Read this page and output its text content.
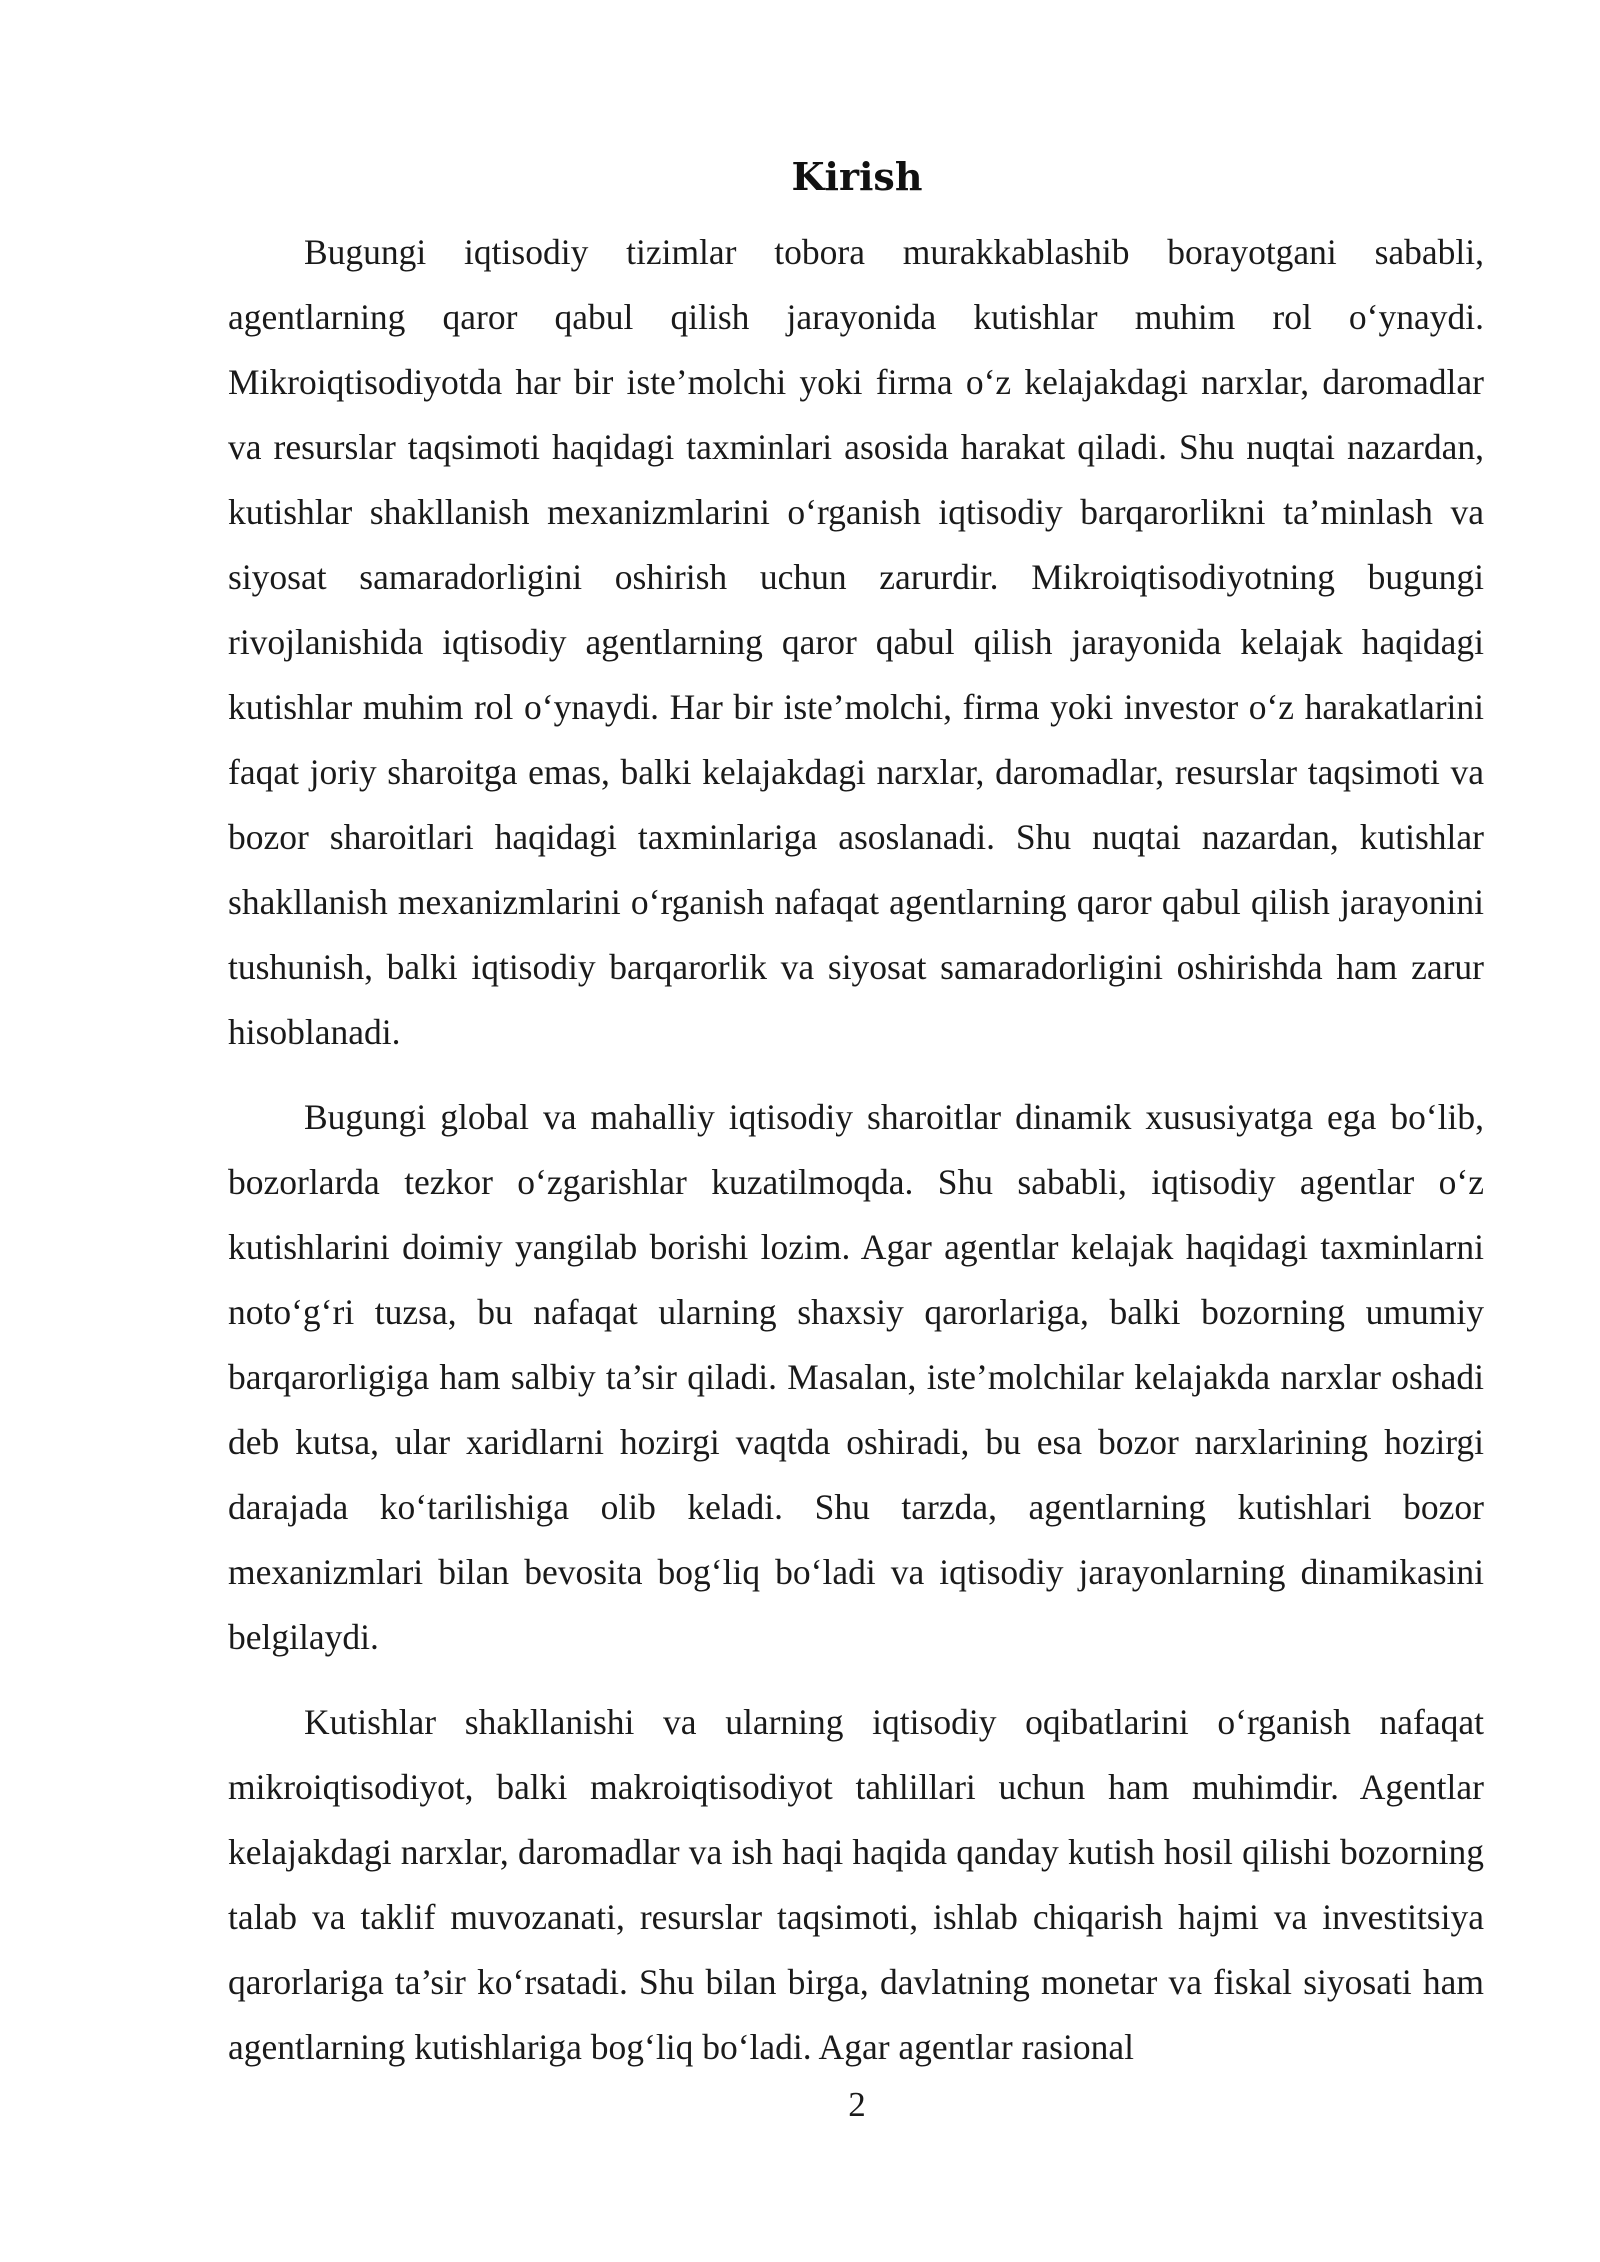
Kirish

Bugungi iqtisodiy tizimlar tobora murakkablashib borayotgani sababli, agentlarning qaror qabul qilish jarayonida kutishlar muhim rol o‘ynaydi. Mikroiqtisodiyotda har bir iste’molchi yoki firma o‘z kelajakdagi narxlar, daromadlar va resurslar taqsimoti haqidagi taxminlari asosida harakat qiladi. Shu nuqtai nazardan, kutishlar shakllanish mexanizmlarini o‘rganish iqtisodiy barqarorlikni ta’minlash va siyosat samaradorligini oshirish uchun zarurdir. Mikroiqtisodiyotning bugungi rivojlanishida iqtisodiy agentlarning qaror qabul qilish jarayonida kelajak haqidagi kutishlar muhim rol o‘ynaydi. Har bir iste’molchi, firma yoki investor o‘z harakatlarini faqat joriy sharoitga emas, balki kelajakdagi narxlar, daromadlar, resurslar taqsimoti va bozor sharoitlari haqidagi taxminlariga asoslanadi. Shu nuqtai nazardan, kutishlar shakllanish mexanizmlarini o‘rganish nafaqat agentlarning qaror qabul qilish jarayonini tushunish, balki iqtisodiy barqarorlik va siyosat samaradorligini oshirishda ham zarur hisoblanadi.

Bugungi global va mahalliy iqtisodiy sharoitlar dinamik xususiyatga ega bo‘lib, bozorlarda tezkor o‘zgarishlar kuzatilmoqda. Shu sababli, iqtisodiy agentlar o‘z kutishlarini doimiy yangilab borishi lozim. Agar agentlar kelajak haqidagi taxminlarni noto‘g‘ri tuzsa, bu nafaqat ularning shaxsiy qarorlariga, balki bozorning umumiy barqarorligiga ham salbiy ta’sir qiladi. Masalan, iste’molchilar kelajakda narxlar oshadi deb kutsa, ular xaridlarni hozirgi vaqtda oshiradi, bu esa bozor narxlarining hozirgi darajada ko‘tarilishiga olib keladi. Shu tarzda, agentlarning kutishlari bozor mexanizmlari bilan bevosita bog‘liq bo‘ladi va iqtisodiy jarayonlarning dinamikasini belgilaydi.

Kutishlar shakllanishi va ularning iqtisodiy oqibatlarini o‘rganish nafaqat mikroiqtisodiyot, balki makroiqtisodiyot tahlillari uchun ham muhimdir. Agentlar kelajakdagi narxlar, daromadlar va ish haqi haqida qanday kutish hosil qilishi bozorning talab va taklif muvozanati, resurslar taqsimoti, ishlab chiqarish hajmi va investitsiya qarorlariga ta’sir ko‘rsatadi. Shu bilan birga, davlatning monetar va fiskal siyosati ham agentlarning kutishlariga bog‘liq bo‘ladi. Agar agentlar rasional

2
